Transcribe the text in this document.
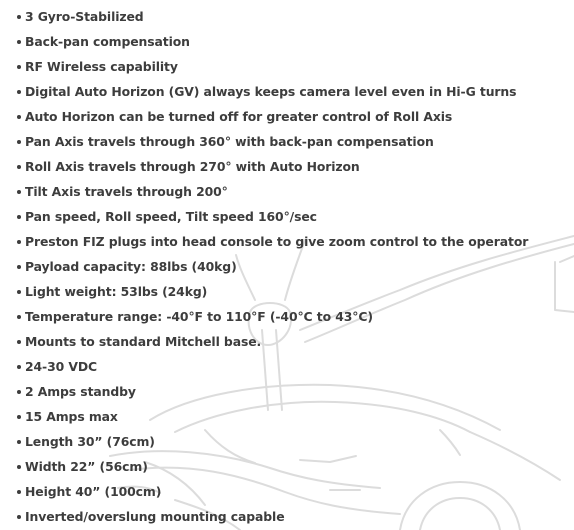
3 Gyro-Stabilized
Back-pan compensation
RF Wireless capability
Digital Auto Horizon (GV) always keeps camera level even in Hi-G turns
Auto Horizon can be turned off for greater control of Roll Axis
Pan Axis travels through 360° with back-pan compensation
Roll Axis travels through 270° with Auto Horizon
Tilt Axis travels through 200°
Pan speed, Roll speed, Tilt speed 160°/sec
Preston FIZ plugs into head console to give zoom control to the operator
Payload capacity: 88lbs (40kg)
Light weight: 53lbs (24kg)
Temperature range: -40°F to 110°F (-40°C to 43°C)
Mounts to standard Mitchell base.
24-30 VDC
2 Amps standby
15 Amps max
Length 30” (76cm)
Width 22” (56cm)
Height 40” (100cm)
Inverted/overslung mounting capable
